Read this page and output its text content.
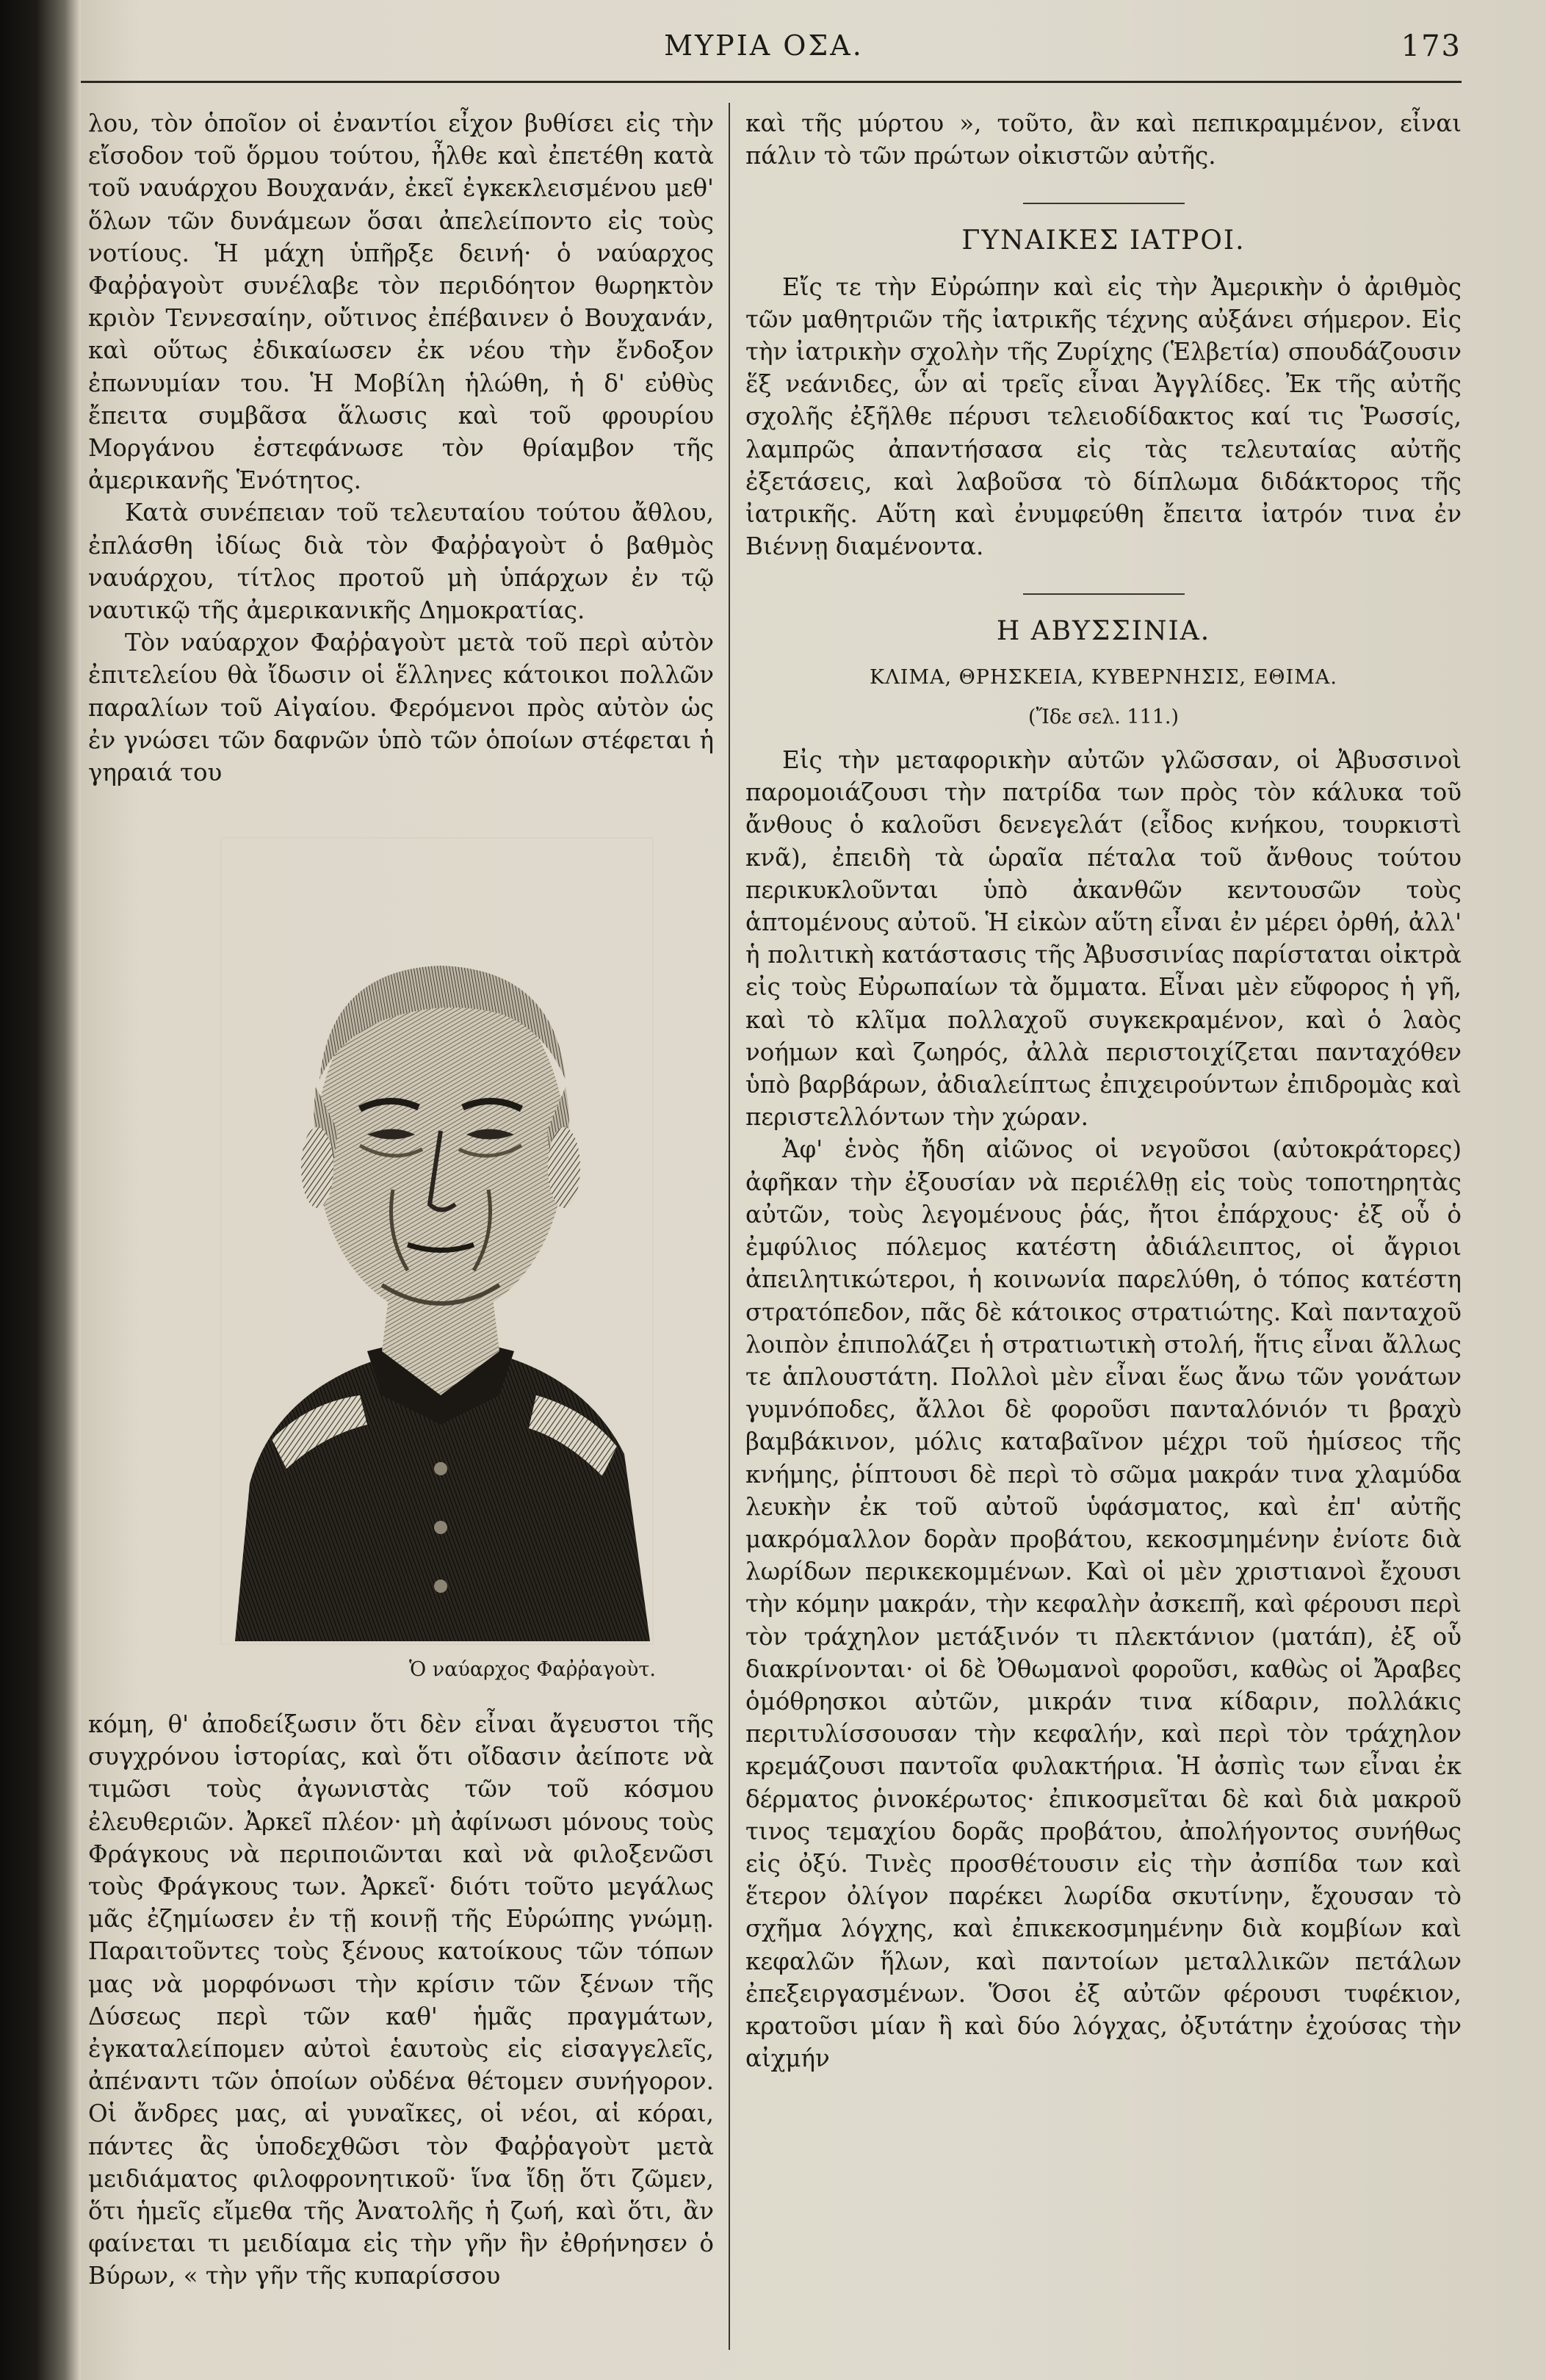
ΜΥΡΙΑ ΟΣΑ.	173

λου, τὸν ὁποῖον οἱ ἐναντίοι εἶχον βυθίσει εἰς τὴν εἴσοδον τοῦ ὅρμου τούτου, ἦλθε καὶ ἐπετέθη κατὰ τοῦ ναυάρχου Βουχανάν, ἐκεῖ ἐγκεκλεισμένου μεθ' ὅλων τῶν δυνάμεων ὅσαι ἀπελείποντο εἰς τοὺς νοτίους. Ἡ μάχη ὑπῆρξε δεινή· ὁ ναύαρχος Φαῤῥαγοὺτ συνέλαβε τὸν περιδόητον θωρηκτὸν κριὸν Τεννεσαίην, οὔτινος ἐπέβαινεν ὁ Βουχανάν, καὶ οὕτως ἐδικαίωσεν ἐκ νέου τὴν ἔνδοξον ἐπωνυμίαν του. Ἡ Μοβίλη ἡλώθη, ἡ δ' εὐθὺς ἔπειτα συμβᾶσα ἅλωσις καὶ τοῦ φρουρίου Μοργάνου ἐστεφάνωσε τὸν θρίαμβον τῆς ἀμερικανῆς Ἑνότητος.

Κατὰ συνέπειαν τοῦ τελευταίου τούτου ἄθλου, ἐπλάσθη ἰδίως διὰ τὸν Φαῤῥαγοὺτ ὁ βαθμὸς ναυάρχου, τίτλος προτοῦ μὴ ὑπάρχων ἐν τῷ ναυτικῷ τῆς ἀμερικανικῆς Δημοκρατίας.

Τὸν ναύαρχον Φαῤῥαγοὺτ μετὰ τοῦ περὶ αὐτὸν ἐπιτελείου θὰ ἴδωσιν οἱ ἕλληνες κάτοικοι πολλῶν παραλίων τοῦ Αἰγαίου. Φερόμενοι πρὸς αὐτὸν ὡς ἐν γνώσει τῶν δαφνῶν ὑπὸ τῶν ὁποίων στέφεται ἡ γηραιά του

Ὁ ναύαρχος Φαῤῥαγοὺτ.

κόμη, θ' ἀποδείξωσιν ὅτι δὲν εἶναι ἄγευστοι τῆς συγχρόνου ἱστορίας, καὶ ὅτι οἴδασιν ἀείποτε νὰ τιμῶσι τοὺς ἀγωνιστὰς τῶν τοῦ κόσμου ἐλευθεριῶν. Ἀρκεῖ πλέον· μὴ ἀφίνωσι μόνους τοὺς Φράγκους νὰ περιποιῶνται καὶ νὰ φιλοξενῶσι τοὺς Φράγκους των. Ἀρκεῖ· διότι τοῦτο μεγάλως μᾶς ἐζημίωσεν ἐν τῇ κοινῇ τῆς Εὐρώπης γνώμῃ. Παραιτοῦντες τοὺς ξένους κατοίκους τῶν τόπων μας νὰ μορφόνωσι τὴν κρίσιν τῶν ξένων τῆς Δύσεως περὶ τῶν καθ' ἡμᾶς πραγμάτων, ἐγκαταλείπομεν αὐτοὶ ἑαυτοὺς εἰς εἰσαγγελεῖς, ἀπέναντι τῶν ὁποίων οὐδένα θέτομεν συνήγορον. Οἱ ἄνδρες μας, αἱ γυναῖκες, οἱ νέοι, αἱ κόραι, πάντες ἂς ὑποδεχθῶσι τὸν Φαῤῥαγοὺτ μετὰ μειδιάματος φιλοφρονητικοῦ· ἵνα ἴδῃ ὅτι ζῶμεν, ὅτι ἡμεῖς εἴμεθα τῆς Ἀνατολῆς ἡ ζωή, καὶ ὅτι, ἂν φαίνεται τι μειδίαμα εἰς τὴν γῆν ἣν ἐθρήνησεν ὁ Βύρων, « τὴν γῆν τῆς κυπαρίσσου

καὶ τῆς μύρτου », τοῦτο, ἂν καὶ πεπικραμμένον, εἶναι πάλιν τὸ τῶν πρώτων οἰκιστῶν αὐτῆς.

ΓΥΝΑΙΚΕΣ ΙΑΤΡΟΙ.

Εἴς τε τὴν Εὐρώπην καὶ εἰς τὴν Ἀμερικὴν ὁ ἀριθμὸς τῶν μαθητριῶν τῆς ἰατρικῆς τέχνης αὐξάνει σήμερον. Εἰς τὴν ἰατρικὴν σχολὴν τῆς Ζυρίχης (Ἑλβετία) σπουδάζουσιν ἕξ νεάνιδες, ὧν αἱ τρεῖς εἶναι Ἀγγλίδες. Ἐκ τῆς αὐτῆς σχολῆς ἐξῆλθε πέρυσι τελειοδίδακτος καί τις Ῥωσσίς, λαμπρῶς ἀπαντήσασα εἰς τὰς τελευταίας αὐτῆς ἐξετάσεις, καὶ λαβοῦσα τὸ δίπλωμα διδάκτορος τῆς ἰατρικῆς. Αὕτη καὶ ἐνυμφεύθη ἔπειτα ἰατρόν τινα ἐν Βιέννῃ διαμένοντα.

Η ΑΒΥΣΣΙΝΙΑ.
ΚΛΙΜΑ, ΘΡΗΣΚΕΙΑ, ΚΥΒΕΡΝΗΣΙΣ, ΕΘΙΜΑ.
(Ἴδε σελ. 111.)

Εἰς τὴν μεταφορικὴν αὐτῶν γλῶσσαν, οἱ Ἀβυσσινοὶ παρομοιάζουσι τὴν πατρίδα των πρὸς τὸν κάλυκα τοῦ ἄνθους ὁ καλοῦσι δενεγελάτ (εἶδος κνήκου, τουρκιστὶ κνᾶ), ἐπειδὴ τὰ ὡραῖα πέταλα τοῦ ἄνθους τούτου περικυκλοῦνται ὑπὸ ἀκανθῶν κεντουσῶν τοὺς ἁπτομένους αὐτοῦ. Ἡ εἰκὼν αὕτη εἶναι ἐν μέρει ὀρθή, ἀλλ' ἡ πολιτικὴ κατάστασις τῆς Ἀβυσσινίας παρίσταται οἰκτρὰ εἰς τοὺς Εὐρωπαίων τὰ ὄμματα. Εἶναι μὲν εὔφορος ἡ γῆ, καὶ τὸ κλῖμα πολλαχοῦ συγκεκραμένον, καὶ ὁ λαὸς νοήμων καὶ ζωηρός, ἀλλὰ περιστοιχίζεται πανταχόθεν ὑπὸ βαρβάρων, ἀδιαλείπτως ἐπιχειρούντων ἐπιδρομὰς καὶ περιστελλόντων τὴν χώραν.

Ἀφ' ἑνὸς ἤδη αἰῶνος οἱ νεγοῦσοι (αὐτοκράτορες) ἀφῆκαν τὴν ἐξουσίαν νὰ περιέλθῃ εἰς τοὺς τοποτηρητὰς αὐτῶν, τοὺς λεγομένους ῥάς, ἤτοι ἐπάρχους· ἐξ οὗ ὁ ἐμφύλιος πόλεμος κατέστη ἀδιάλειπτος, οἱ ἄγριοι ἀπειλητικώτεροι, ἡ κοινωνία παρελύθη, ὁ τόπος κατέστη στρατόπεδον, πᾶς δὲ κάτοικος στρατιώτης. Καὶ πανταχοῦ λοιπὸν ἐπιπολάζει ἡ στρατιωτικὴ στολή, ἥτις εἶναι ἄλλως τε ἁπλουστάτη. Πολλοὶ μὲν εἶναι ἕως ἄνω τῶν γονάτων γυμνόποδες, ἄλλοι δὲ φοροῦσι πανταλόνιόν τι βραχὺ βαμβάκινον, μόλις καταβαῖνον μέχρι τοῦ ἡμίσεος τῆς κνήμης, ῥίπτουσι δὲ περὶ τὸ σῶμα μακράν τινα χλαμύδα λευκὴν ἐκ τοῦ αὐτοῦ ὑφάσματος, καὶ ἐπ' αὐτῆς μακρόμαλλον δορὰν προβάτου, κεκοσμημένην ἐνίοτε διὰ λωρίδων περικεκομμένων. Καὶ οἱ μὲν χριστιανοὶ ἔχουσι τὴν κόμην μακράν, τὴν κεφαλὴν ἀσκεπῆ, καὶ φέρουσι περὶ τὸν τράχηλον μετάξινόν τι πλεκτάνιον (ματάπ), ἐξ οὗ διακρίνονται· οἱ δὲ Ὀθωμανοὶ φοροῦσι, καθὼς οἱ Ἄραβες ὁμόθρησκοι αὐτῶν, μικράν τινα κίδαριν, πολλάκις περιτυλίσσουσαν τὴν κεφαλήν, καὶ περὶ τὸν τράχηλον κρεμάζουσι παντοῖα φυλακτήρια. Ἡ ἀσπὶς των εἶναι ἐκ δέρματος ῥινοκέρωτος· ἐπικοσμεῖται δὲ καὶ διὰ μακροῦ τινος τεμαχίου δορᾶς προβάτου, ἀπολήγοντος συνήθως εἰς ὀξύ. Τινὲς προσθέτουσιν εἰς τὴν ἀσπίδα των καὶ ἕτερον ὀλίγον παρέκει λωρίδα σκυτίνην, ἔχουσαν τὸ σχῆμα λόγχης, καὶ ἐπικεκοσμημένην διὰ κομβίων καὶ κεφαλῶν ἥλων, καὶ παντοίων μεταλλικῶν πετάλων ἐπεξειργασμένων. Ὅσοι ἐξ αὐτῶν φέρουσι τυφέκιον, κρατοῦσι μίαν ἢ καὶ δύο λόγχας, ὀξυτάτην ἐχούσας τὴν αἰχμήν
